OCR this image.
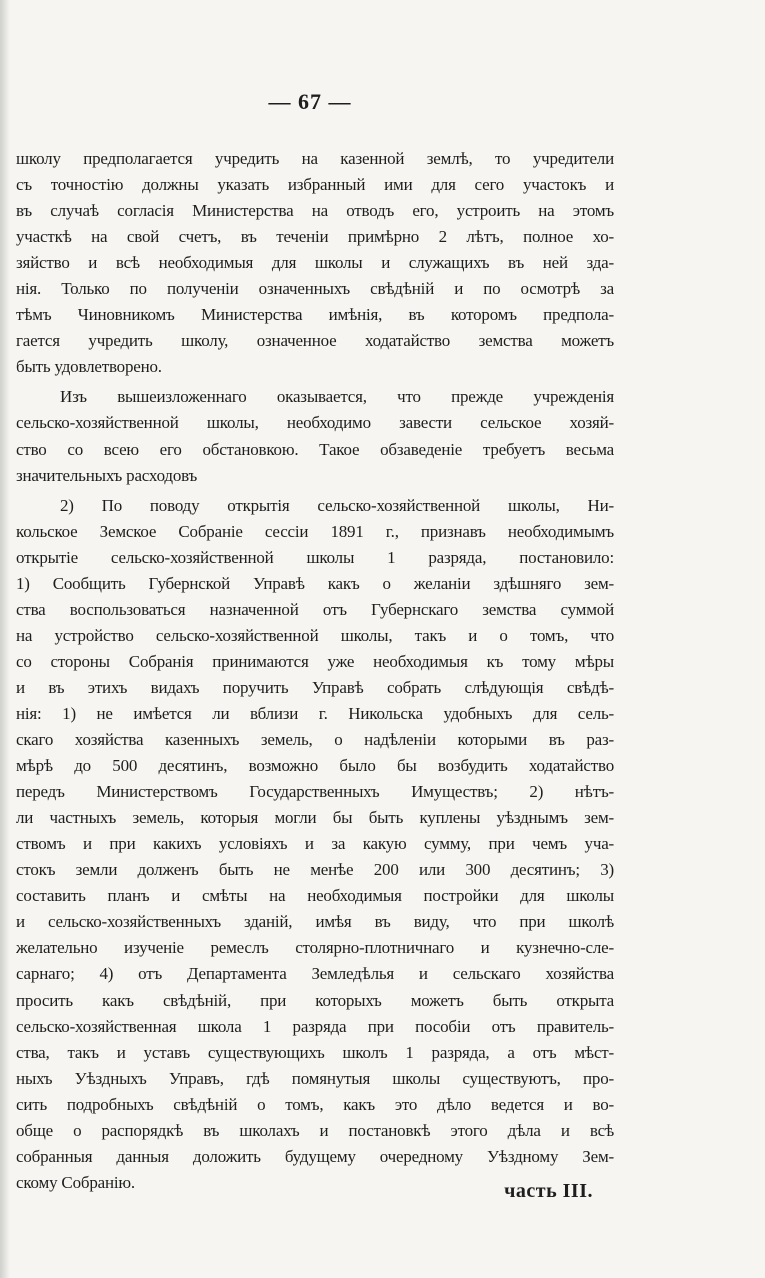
— 67 —
школу предполагается учредить на казенной землѣ, то учредители
съ точностію должны указать избранный ими для сего участокъ и
въ случаѣ согласія Министерства на отводъ его, устроить на этомъ
участкѣ на свой счетъ, въ теченіи примѣрно 2 лѣтъ, полное хо-
зяйство и всѣ необходимыя для школы и служащихъ въ ней зда-
нія. Только по полученіи означенныхъ свѣдѣній и по осмотрѣ за
тѣмъ Чиновникомъ Министерства имѣнія, въ которомъ предпола-
гается учредить школу, означенное ходатайство земства можетъ
быть удовлетворено.
Изъ вышеизложеннаго оказывается, что прежде учрежденія
сельско-хозяйственной школы, необходимо завести сельское хозяй-
ство со всею его обстановкою. Такое обзаведеніе требуетъ весьма
значительныхъ расходовъ
2) По поводу открытія сельско-хозяйственной школы, Ни-
кольское Земское Собраніе сессіи 1891 г., признавъ необходимымъ
открытіе сельско-хозяйственной школы 1 разряда, постановило:
1) Сообщить Губернской Управѣ какъ о желаніи здѣшняго зем-
ства воспользоваться назначенной отъ Губернскаго земства суммой
на устройство сельско-хозяйственной школы, такъ и о томъ, что
со стороны Собранія принимаются уже необходимыя къ тому мѣры
и въ этихъ видахъ поручить Управѣ собрать слѣдующія свѣдѣ-
нія: 1) не имѣется ли вблизи г. Никольска удобныхъ для сель-
скаго хозяйства казенныхъ земель, о надѣленіи которыми въ раз-
мѣрѣ до 500 десятинъ, возможно было бы возбудить ходатайство
передъ Министерствомъ Государственныхъ Имуществъ; 2) нѣтъ-
ли частныхъ земель, которыя могли бы быть куплены уѣзднымъ зем-
ствомъ и при какихъ условіяхъ и за какую сумму, при чемъ уча-
стокъ земли долженъ быть не менѣе 200 или 300 десятинъ; 3)
составить планъ и смѣты на необходимыя постройки для школы
и сельско-хозяйственныхъ зданій, имѣя въ виду, что при школѣ
желательно изученіе ремеслъ столярно-плотничнаго и кузнечно-сле-
сарнаго; 4) отъ Департамента Земледѣлья и сельскаго хозяйства
просить какъ свѣдѣній, при которыхъ можетъ быть открыта
сельско-хозяйственная школа 1 разряда при пособіи отъ правитель-
ства, такъ и уставъ существующихъ школъ 1 разряда, а отъ мѣст-
ныхъ Уѣздныхъ Управъ, гдѣ помянутыя школы существуютъ, про-
сить подробныхъ свѣдѣній о томъ, какъ это дѣло ведется и во-
обще о распорядкѣ въ школахъ и постановкѣ этого дѣла и всѣ
собранныя данныя доложить будущему очередному Уѣздному Зем-
скому Собранію.	часть III.
